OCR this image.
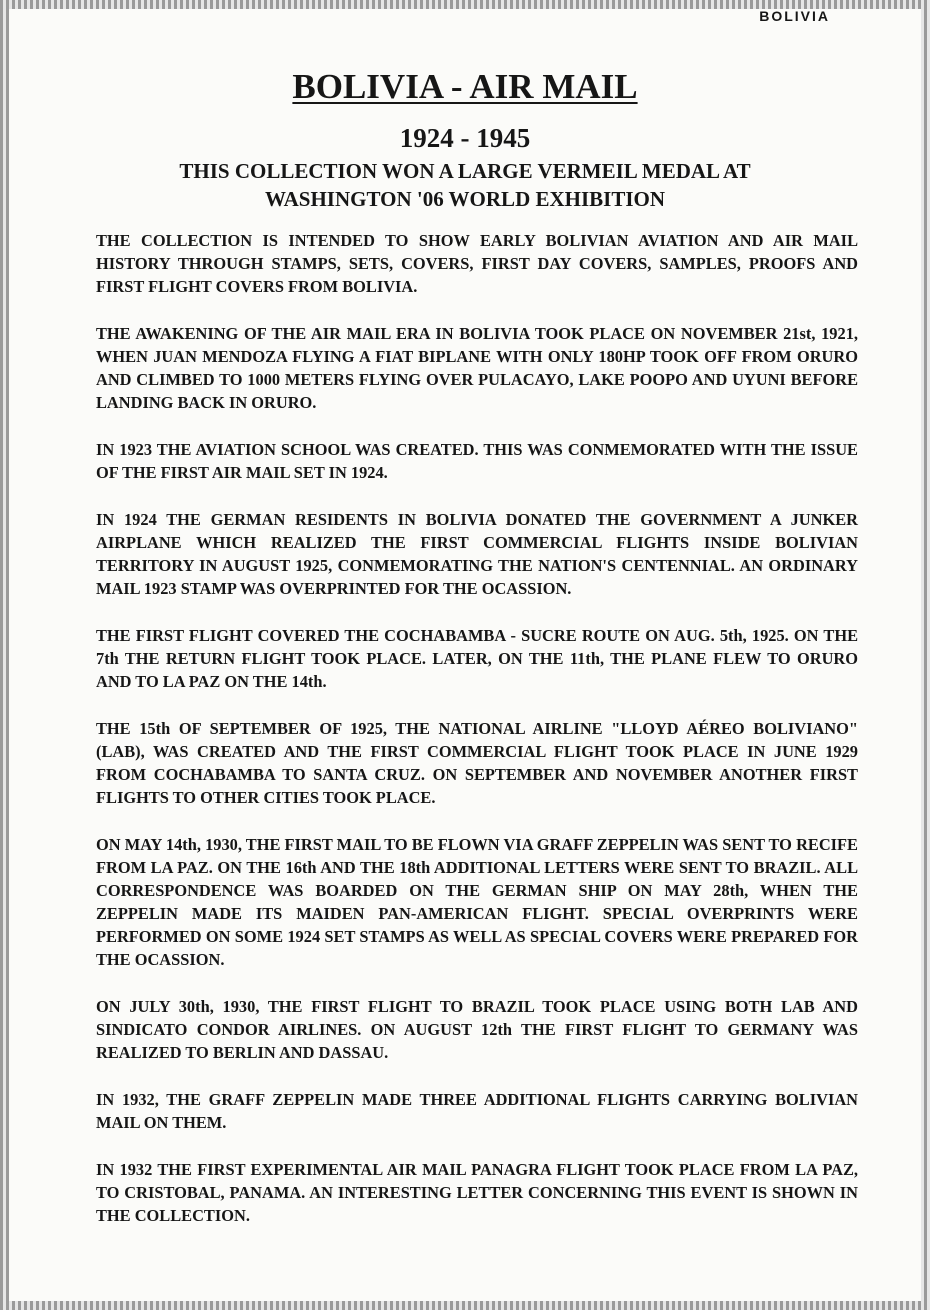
BOLIVIA
BOLIVIA - AIR MAIL
1924 - 1945
THIS COLLECTION WON A LARGE VERMEIL MEDAL AT WASHINGTON '06 WORLD EXHIBITION

THE COLLECTION IS INTENDED TO SHOW EARLY BOLIVIAN AVIATION AND AIR MAIL HISTORY THROUGH STAMPS, SETS, COVERS, FIRST DAY COVERS, SAMPLES, PROOFS AND FIRST FLIGHT COVERS FROM BOLIVIA.

THE AWAKENING OF THE AIR MAIL ERA IN BOLIVIA TOOK PLACE ON NOVEMBER 21st, 1921, WHEN JUAN MENDOZA FLYING A FIAT BIPLANE WITH ONLY 180HP TOOK OFF FROM ORURO AND CLIMBED TO 1000 METERS FLYING OVER PULACAYO, LAKE POOPO AND UYUNI BEFORE LANDING BACK IN ORURO.

IN 1923 THE AVIATION SCHOOL WAS CREATED. THIS WAS CONMEMORATED WITH THE ISSUE OF THE FIRST AIR MAIL SET IN 1924.

IN 1924 THE GERMAN RESIDENTS IN BOLIVIA DONATED THE GOVERNMENT A JUNKER AIRPLANE WHICH REALIZED THE FIRST COMMERCIAL FLIGHTS INSIDE BOLIVIAN TERRITORY IN AUGUST 1925, CONMEMORATING THE NATION'S CENTENNIAL. AN ORDINARY MAIL 1923 STAMP WAS OVERPRINTED FOR THE OCASSION.

THE FIRST FLIGHT COVERED THE COCHABAMBA - SUCRE ROUTE ON AUG. 5th, 1925. ON THE 7th THE RETURN FLIGHT TOOK PLACE. LATER, ON THE 11th, THE PLANE FLEW TO ORURO AND TO LA PAZ ON THE 14th.

THE 15th OF SEPTEMBER OF 1925, THE NATIONAL AIRLINE "LLOYD AÉREO BOLIVIANO" (LAB), WAS CREATED AND THE FIRST COMMERCIAL FLIGHT TOOK PLACE IN JUNE 1929 FROM COCHABAMBA TO SANTA CRUZ. ON SEPTEMBER AND NOVEMBER ANOTHER FIRST FLIGHTS TO OTHER CITIES TOOK PLACE.

ON MAY 14th, 1930, THE FIRST MAIL TO BE FLOWN VIA GRAFF ZEPPELIN WAS SENT TO RECIFE FROM LA PAZ. ON THE 16th AND THE 18th ADDITIONAL LETTERS WERE SENT TO BRAZIL. ALL CORRESPONDENCE WAS BOARDED ON THE GERMAN SHIP ON MAY 28th, WHEN THE ZEPPELIN MADE ITS MAIDEN PAN-AMERICAN FLIGHT. SPECIAL OVERPRINTS WERE PERFORMED ON SOME 1924 SET STAMPS AS WELL AS SPECIAL COVERS WERE PREPARED FOR THE OCASSION.

ON JULY 30th, 1930, THE FIRST FLIGHT TO BRAZIL TOOK PLACE USING BOTH LAB AND SINDICATO CONDOR AIRLINES. ON AUGUST 12th THE FIRST FLIGHT TO GERMANY WAS REALIZED TO BERLIN AND DASSAU.

IN 1932, THE GRAFF ZEPPELIN MADE THREE ADDITIONAL FLIGHTS CARRYING BOLIVIAN MAIL ON THEM.

IN 1932 THE FIRST EXPERIMENTAL AIR MAIL PANAGRA FLIGHT TOOK PLACE FROM LA PAZ, TO CRISTOBAL, PANAMA. AN INTERESTING LETTER CONCERNING THIS EVENT IS SHOWN IN THE COLLECTION.
